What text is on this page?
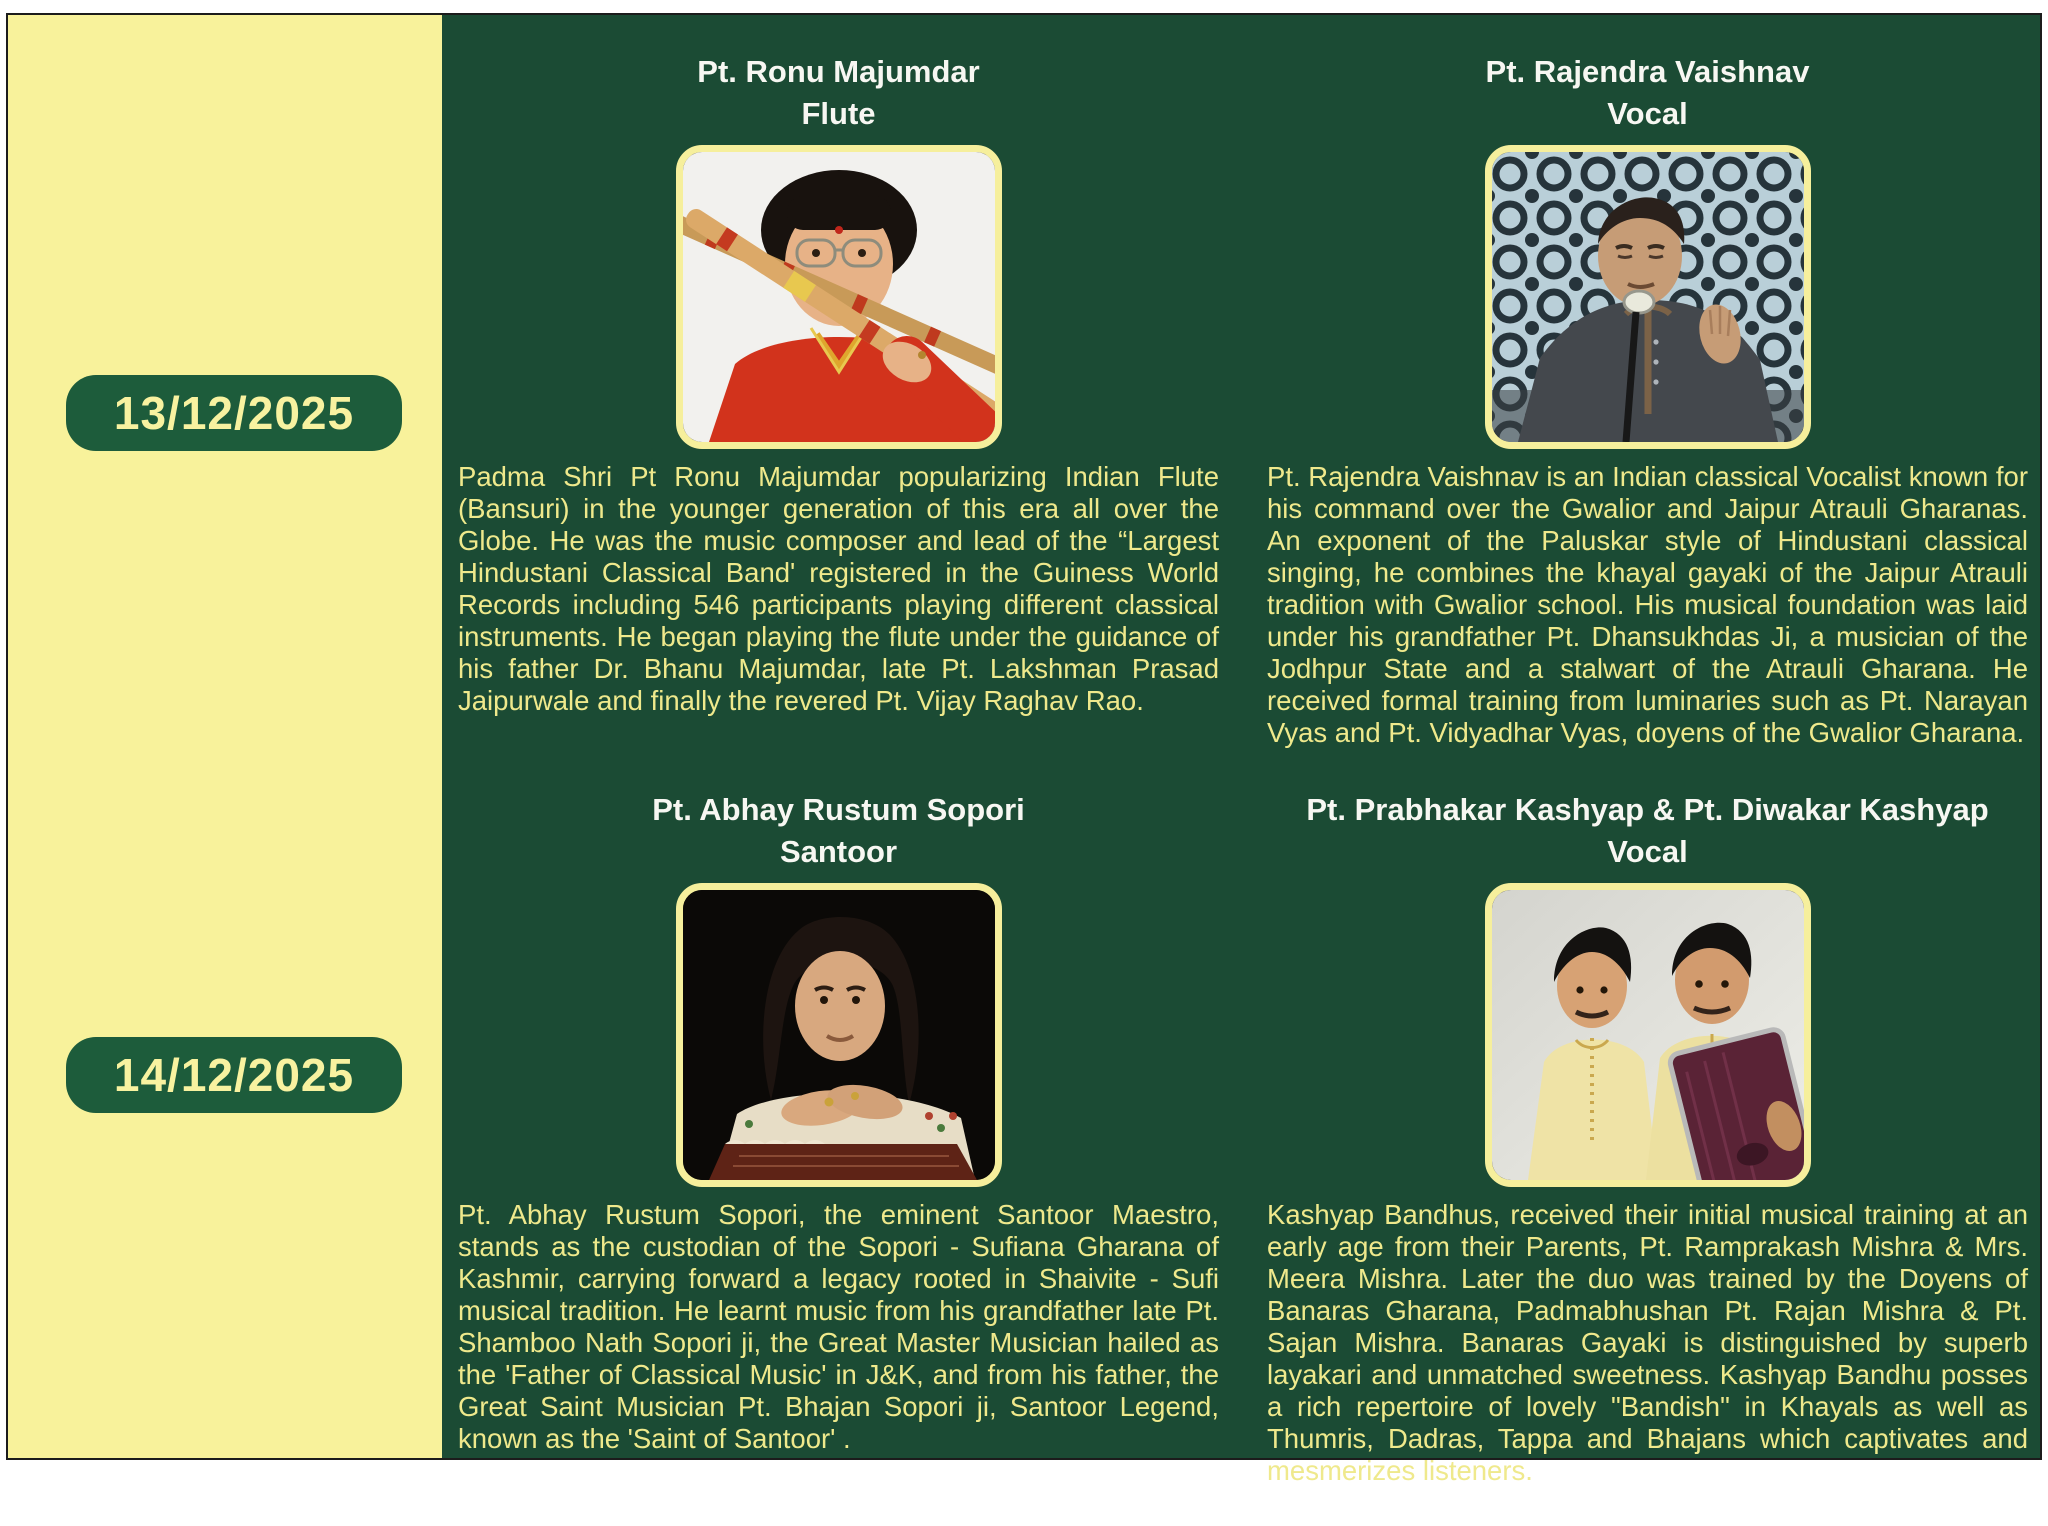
13/12/2025
14/12/2025
Pt. Ronu Majumdar
Flute
Padma Shri Pt Ronu Majumdar popularizing Indian Flute (Bansuri) in the younger generation of this era all over the Globe. He was the music composer and lead of the “Largest Hindustani Classical Band' registered in the Guiness World Records including 546 participants playing different classical instruments. He began playing the flute under the guidance of his father Dr. Bhanu Majumdar, late Pt. Lakshman Prasad Jaipurwale and finally the revered Pt. Vijay Raghav Rao.
Pt. Rajendra Vaishnav
Vocal
Pt. Rajendra Vaishnav is an Indian classical Vocalist known for his command over the Gwalior and Jaipur Atrauli Gharanas. An exponent of the Paluskar style of Hindustani classical singing, he combines the khayal gayaki of the Jaipur Atrauli tradition with Gwalior school. His musical foundation was laid under his grandfather Pt. Dhansukhdas Ji, a musician of the Jodhpur State and a stalwart of the Atrauli Gharana. He received formal training from luminaries such as Pt. Narayan Vyas and Pt. Vidyadhar Vyas, doyens of the Gwalior Gharana.
Pt. Abhay Rustum Sopori
Santoor
Pt. Abhay Rustum Sopori, the eminent Santoor Maestro, stands as the custodian of the Sopori - Sufiana Gharana of Kashmir, carrying forward a legacy rooted in Shaivite - Sufi musical tradition. He learnt music from his grandfather late Pt. Shamboo Nath Sopori ji, the Great Master Musician hailed as the 'Father of Classical Music' in J&K, and from his father, the Great Saint Musician Pt. Bhajan Sopori ji, Santoor Legend, known as the 'Saint of Santoor' .
Pt. Prabhakar Kashyap & Pt. Diwakar Kashyap
Vocal
Kashyap Bandhus, received their initial musical training at an early age from their Parents, Pt. Ramprakash Mishra & Mrs. Meera Mishra. Later the duo was trained by the Doyens of Banaras Gharana, Padmabhushan Pt. Rajan Mishra & Pt. Sajan Mishra. Banaras Gayaki is distinguished by superb layakari and unmatched sweetness. Kashyap Bandhu posses a rich repertoire of lovely "Bandish" in Khayals as well as Thumris, Dadras, Tappa and Bhajans which captivates and mesmerizes listeners.
